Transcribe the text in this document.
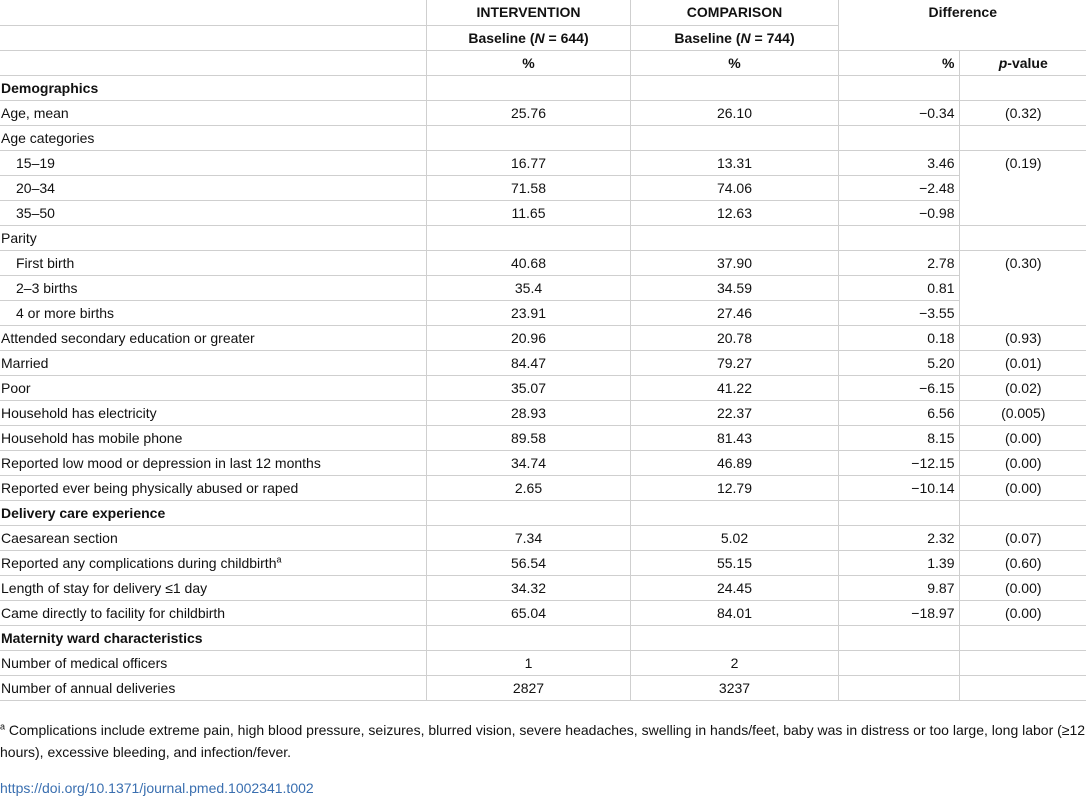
	INTERVENTION	COMPARISON	Difference	
	Baseline (N = 644)	Baseline (N = 744)		
	%	%	%	p-value
Demographics				
Age, mean	25.76	26.10	−0.34	(0.32)
Age categories				
15–19	16.77	13.31	3.46	(0.19)
20–34	71.58	74.06	−2.48	
35–50	11.65	12.63	−0.98	
Parity				
First birth	40.68	37.90	2.78	(0.30)
2–3 births	35.4	34.59	0.81	
4 or more births	23.91	27.46	−3.55	
Attended secondary education or greater	20.96	20.78	0.18	(0.93)
Married	84.47	79.27	5.20	(0.01)
Poor	35.07	41.22	−6.15	(0.02)
Household has electricity	28.93	22.37	6.56	(0.005)
Household has mobile phone	89.58	81.43	8.15	(0.00)
Reported low mood or depression in last 12 months	34.74	46.89	−12.15	(0.00)
Reported ever being physically abused or raped	2.65	12.79	−10.14	(0.00)
Delivery care experience				
Caesarean section	7.34	5.02	2.32	(0.07)
Reported any complications during childbirth$^a$	56.54	55.15	1.39	(0.60)
Length of stay for delivery ≤1 day	34.32	24.45	9.87	(0.00)
Came directly to facility for childbirth	65.04	84.01	−18.97	(0.00)
Maternity ward characteristics				
Number of medical officers	1	2		
Number of annual deliveries	2827	3237		
$^a$ Complications include extreme pain, high blood pressure, seizures, blurred vision, severe headaches, swelling in hands/feet, baby was in distress or too large, long labor (≥12 hours), excessive bleeding, and infection/fever.
https://doi.org/10.1371/journal.pmed.1002341.t002
